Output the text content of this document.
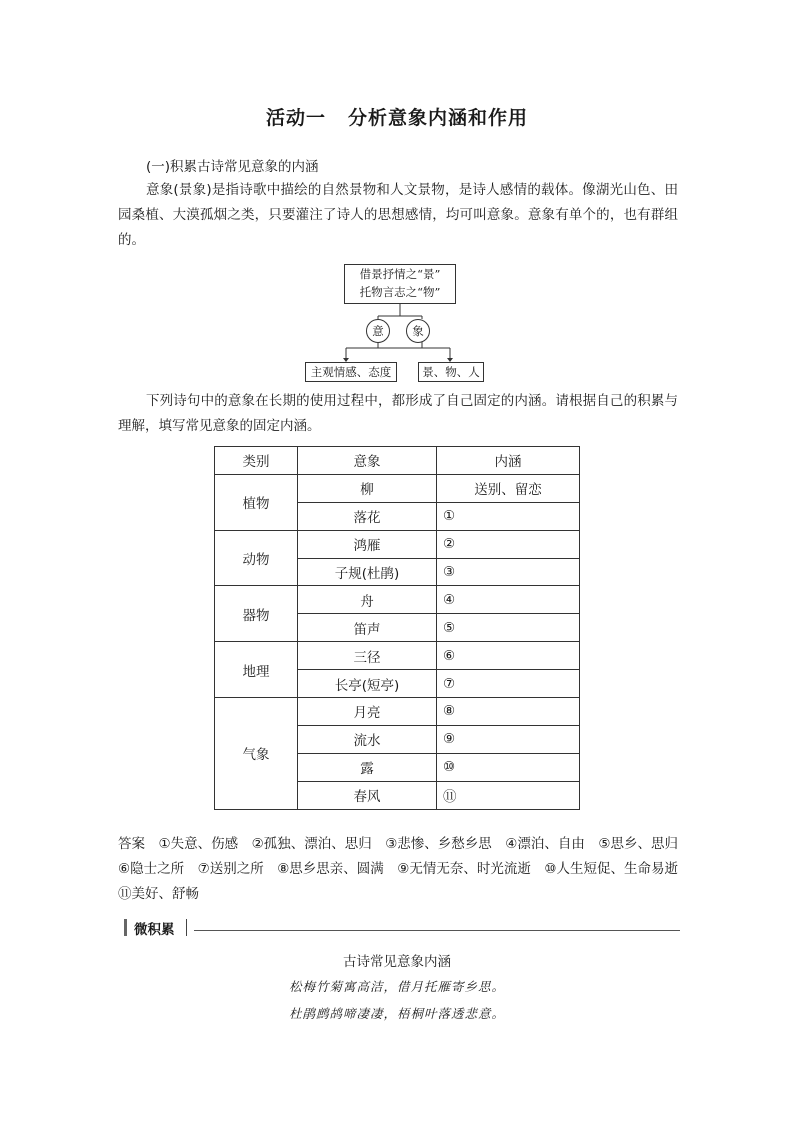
活动一 分析意象内涵和作用
(一)积累古诗常见意象的内涵
意象(景象)是指诗歌中描绘的自然景物和人文景物，是诗人感情的载体。像湖光山色、田园桑植、大漠孤烟之类，只要灌注了诗人的思想感情，均可叫意象。意象有单个的，也有群组的。
借景抒情之“景”
托物言志之“物”
意	象
主观情感、态度	景、物、人
下列诗句中的意象在长期的使用过程中，都形成了自己固定的内涵。请根据自己的积累与理解，填写常见意象的固定内涵。
类别	意象	内涵
植物	柳	送别、留恋
	落花	①
动物	鸿雁	②
	子规(杜鹃)	③
器物	舟	④
	笛声	⑤
地理	三径	⑥
	长亭(短亭)	⑦
气象	月亮	⑧
	流水	⑨
	露	⑩
	春风	⑪
答案　 ①失意、伤感　②孤独、漂泊、思归　③悲惨、乡愁乡思　④漂泊、自由　⑤思乡、思归　⑥隐士之所　⑦送别之所　⑧思乡思亲、圆满　⑨无情无奈、时光流逝　⑩人生短促、生命易逝　⑪美好、舒畅
微积累
古诗常见意象内涵
松梅竹菊寓高洁，借月托雁寄乡思。
杜鹃鹧鸪啼凄凄，梧桐叶落透悲意。
